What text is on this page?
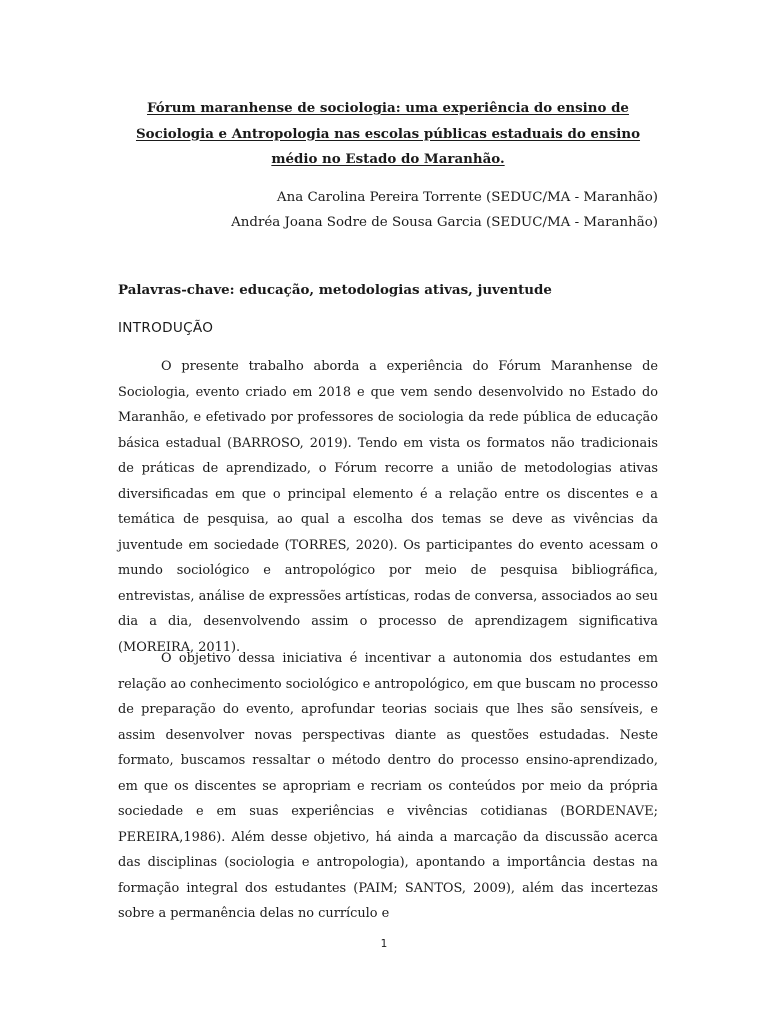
Fórum maranhense de sociologia: uma experiência do ensino de Sociologia e Antropologia nas escolas públicas estaduais do ensino médio no Estado do Maranhão.
Ana Carolina Pereira Torrente (SEDUC/MA - Maranhão)
Andréa Joana Sodre de Sousa Garcia (SEDUC/MA - Maranhão)
Palavras-chave: educação, metodologias ativas, juventude
INTRODUÇÃO
O presente trabalho aborda a experiência do Fórum Maranhense de Sociologia, evento criado em 2018 e que vem sendo desenvolvido no Estado do Maranhão, e efetivado por professores de sociologia da rede pública de educação básica estadual (BARROSO, 2019). Tendo em vista os formatos não tradicionais de práticas de aprendizado, o Fórum recorre a união de metodologias ativas diversificadas em que o principal elemento é a relação entre os discentes e a temática de pesquisa, ao qual a escolha dos temas se deve as vivências da juventude em sociedade (TORRES, 2020). Os participantes do evento acessam o mundo sociológico e antropológico por meio de pesquisa bibliográfica, entrevistas, análise de expressões artísticas, rodas de conversa, associados ao seu dia a dia, desenvolvendo assim o processo de aprendizagem significativa (MOREIRA, 2011).
O objetivo dessa iniciativa é incentivar a autonomia dos estudantes em relação ao conhecimento sociológico e antropológico, em que buscam no processo de preparação do evento, aprofundar teorias sociais que lhes são sensíveis, e assim desenvolver novas perspectivas diante as questões estudadas. Neste formato, buscamos ressaltar o método dentro do processo ensino-aprendizado, em que os discentes se apropriam e recriam os conteúdos por meio da própria sociedade e em suas experiências e vivências cotidianas (BORDENAVE; PEREIRA,1986). Além desse objetivo, há ainda a marcação da discussão acerca das disciplinas (sociologia e antropologia), apontando a importância destas na formação integral dos estudantes (PAIM; SANTOS, 2009), além das incertezas sobre a permanência delas no currículo e
1
